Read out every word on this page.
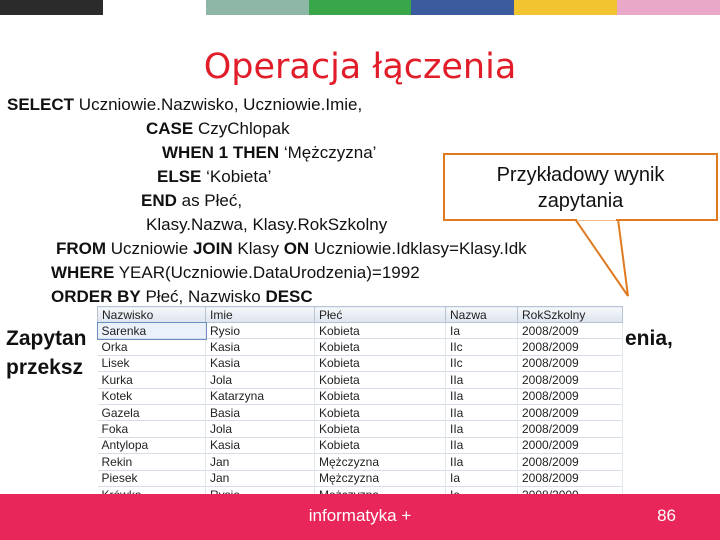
Operacja łączenia
Zapytan	enia,
przeksz
SELECT Uczniowie.Nazwisko, Uczniowie.Imie,
CASE CzyChlopak
WHEN 1 THEN ‘Mężczyzna’
ELSE ‘Kobieta’
END as Płeć,
Klasy.Nazwa, Klasy.RokSzkolny
FROM Uczniowie JOIN Klasy ON Uczniowie.Idklasy=Klasy.Idk
WHERE YEAR(Uczniowie.DataUrodzenia)=1992
ORDER BY Płeć, Nazwisko DESC
Przykładowy wynik
zapytania
Nazwisko	Imie	Płeć	Nazwa	RokSzkolny
Sarenka	Rysio	Kobieta	Ia	2008/2009
Orka	Kasia	Kobieta	IIc	2008/2009
Lisek	Kasia	Kobieta	IIc	2008/2009
Kurka	Jola	Kobieta	IIa	2008/2009
Kotek	Katarzyna	Kobieta	IIa	2008/2009
Gazela	Basia	Kobieta	IIa	2008/2009
Foka	Jola	Kobieta	IIa	2008/2009
Antylopa	Kasia	Kobieta	IIa	2000/2009
Rekin	Jan	Mężczyzna	IIa	2008/2009
Piesek	Jan	Mężczyzna	Ia	2008/2009

informatyka +	86
